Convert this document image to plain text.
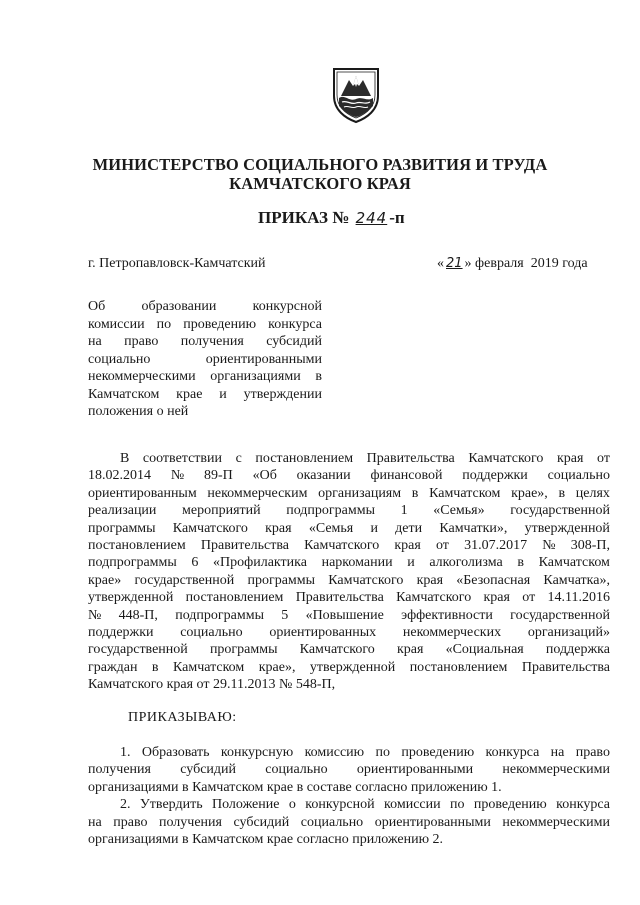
МИНИСТЕРСТВО СОЦИАЛЬНОГО РАЗВИТИЯ И ТРУДА
КАМЧАТСКОГО КРАЯ
ПРИКАЗ № 244 -п
г. Петропавловск-Камчатский	« 21 » февраля 2019 года
Об	образовании	конкурсной
комиссии по проведению конкурса
на право получения субсидий
социально	ориентированными
некоммерческими организациями в
Камчатском крае и утверждении
положения о ней
В соответствии с постановлением Правительства Камчатского края от
18.02.2014 № 89-П «Об оказании финансовой поддержки социально
ориентированным некоммерческим организациям в Камчатском крае», в целях
реализации мероприятий подпрограммы 1 «Семья» государственной
программы Камчатского края «Семья и дети Камчатки», утвержденной
постановлением Правительства Камчатского края от 31.07.2017 № 308-П,
подпрограммы 6 «Профилактика наркомании и алкоголизма в Камчатском
крае» государственной программы Камчатского края «Безопасная Камчатка»,
утвержденной постановлением Правительства Камчатского края от 14.11.2016
№ 448-П, подпрограммы 5 «Повышение эффективности государственной
поддержки социально ориентированных некоммерческих организаций»
государственной программы Камчатского края «Социальная поддержка
граждан в Камчатском крае», утвержденной постановлением Правительства
Камчатского края от 29.11.2013 № 548-П,
ПРИКАЗЫВАЮ:
1. Образовать конкурсную комиссию по проведению конкурса на право
получения субсидий социально ориентированными некоммерческими
организациями в Камчатском крае в составе согласно приложению 1.
2. Утвердить Положение о конкурсной комиссии по проведению конкурса
на право получения субсидий социально ориентированными некоммерческими
организациями в Камчатском крае согласно приложению 2.
